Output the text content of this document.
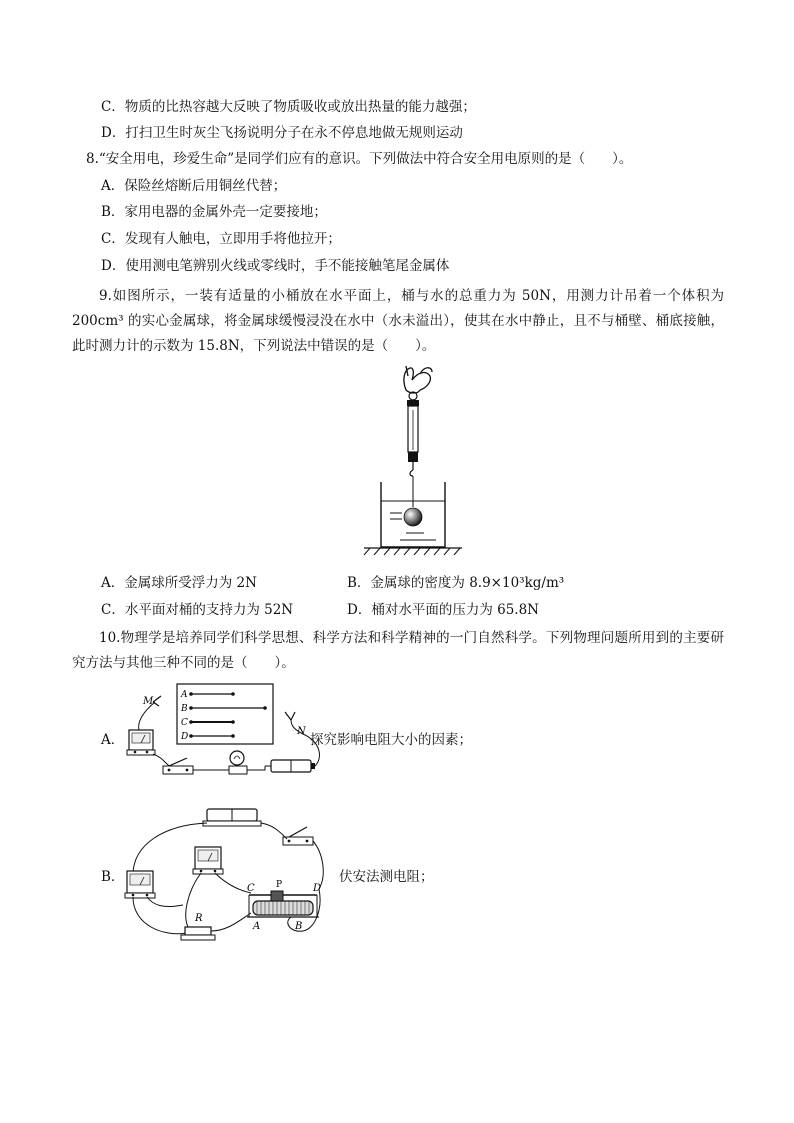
C．物质的比热容越大反映了物质吸收或放出热量的能力越强；
D．打扫卫生时灰尘飞扬说明分子在永不停息地做无规则运动
8.“安全用电，珍爱生命”是同学们应有的意识。下列做法中符合安全用电原则的是（　　）。
A．保险丝熔断后用铜丝代替；
B．家用电器的金属外壳一定要接地；
C．发现有人触电，立即用手将他拉开；
D．使用测电笔辨别火线或零线时，手不能接触笔尾金属体
9.如图所示，一装有适量的小桶放在水平面上，桶与水的总重力为 50N，用测力计吊着一个体积为 200cm³ 的实心金属球，将金属球缓慢浸没在水中（水未溢出），使其在水中静止，且不与桶壁、桶底接触，此时测力计的示数为 15.8N，下列说法中错误的是（　　）。
A．金属球所受浮力为 2N	B．金属球的密度为 8.9×10³kg/m³
C．水平面对桶的支持力为 52N	D．桶对水平面的压力为 65.8N
10.物理学是培养同学们科学思想、科学方法和科学精神的一门自然科学。下列物理问题所用到的主要研究方法与其他三种不同的是（　　）。
A．
A
B
C
D
M
N
探究影响电阻大小的因素；
B．
R
C P	D
A	B
伏安法测电阻；
